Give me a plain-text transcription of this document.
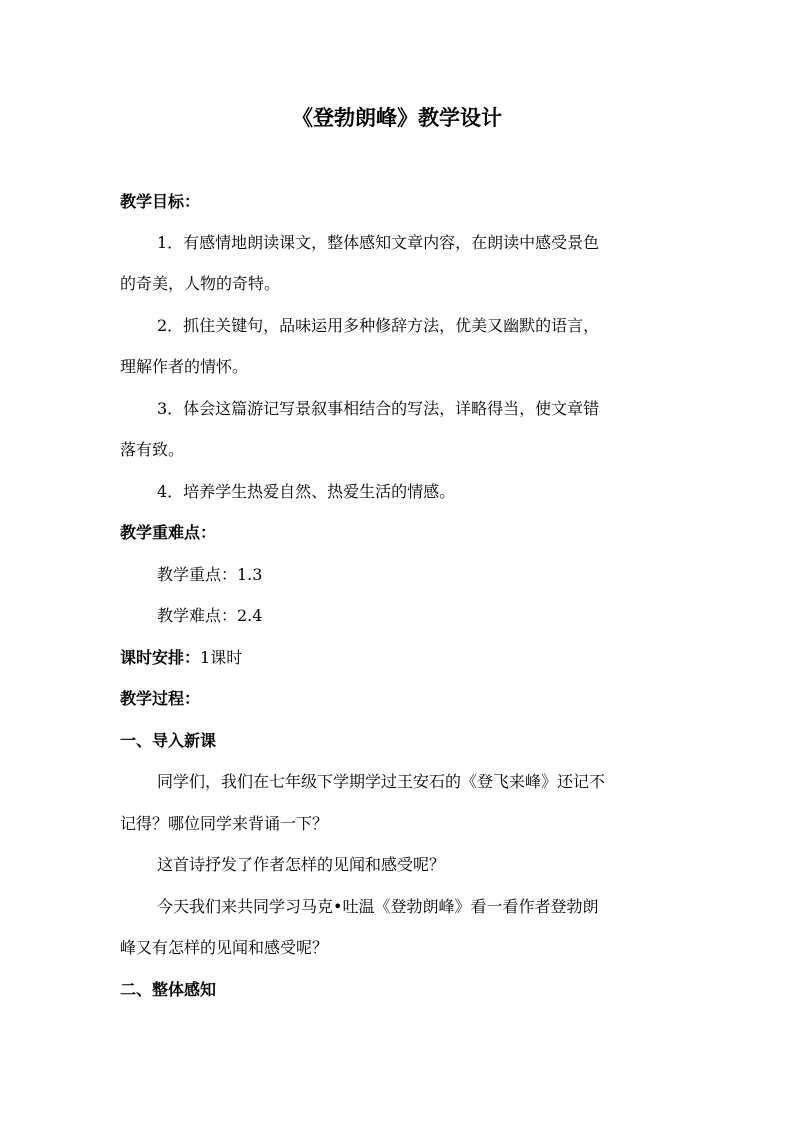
《登勃朗峰》教学设计
教学目标：
1．有感情地朗读课文，整体感知文章内容，在朗读中感受景色
的奇美，人物的奇特。
2．抓住关键句，品味运用多种修辞方法，优美又幽默的语言，
理解作者的情怀。
3．体会这篇游记写景叙事相结合的写法，详略得当，使文章错
落有致。
4．培养学生热爱自然、热爱生活的情感。
教学重难点：
教学重点：1.3
教学难点：2.4
课时安排：1课时
教学过程：
一、导入新课
同学们，我们在七年级下学期学过王安石的《登飞来峰》还记不
记得？哪位同学来背诵一下？
这首诗抒发了作者怎样的见闻和感受呢？
今天我们来共同学习马克•吐温《登勃朗峰》看一看作者登勃朗
峰又有怎样的见闻和感受呢？
二、整体感知
